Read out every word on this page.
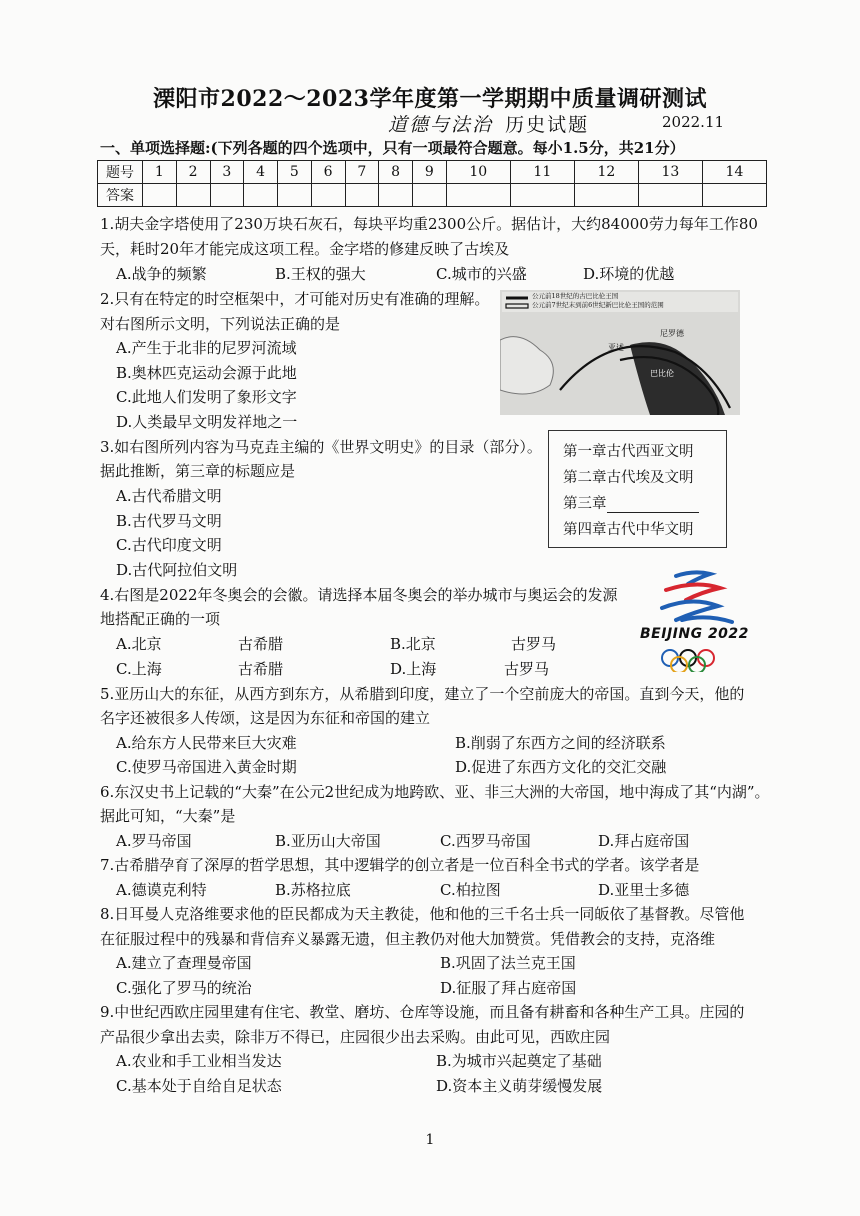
溧阳市2022～2023学年度第一学期期中质量调研测试
道德与法治 历史试题	2022.11
一、单项选择题:(下列各题的四个选项中，只有一项最符合题意。每小1.5分，共21分）
题号	1	2	3	4	5	6	7	8	9	10	11	12	13	14
答案														
1.胡夫金字塔使用了230万块石灰石，每块平均重2300公斤。据估计，大约84000劳力每年工作80
天，耗时20年才能完成这项工程。金字塔的修建反映了古埃及
A.战争的频繁	B.王权的强大	C.城市的兴盛	D.环境的优越
2.只有在特定的时空框架中，才可能对历史有准确的理解。
对右图所示文明，下列说法正确的是
A.产生于北非的尼罗河流域
B.奥林匹克运动会源于此地
C.此地人们发明了象形文字
D.人类最早文明发祥地之一
公元前18世纪的古巴比伦王国
公元前7世纪末到前6世纪新巴比伦王国的范围
尼罗德
亚述
巴比伦
3.如右图所列内容为马克垚主编的《世界文明史》的目录（部分）。
据此推断，第三章的标题应是
A.古代希腊文明
B.古代罗马文明
C.古代印度文明
D.古代阿拉伯文明
第一章古代西亚文明
第二章古代埃及文明
第三章
第四章古代中华文明
4.右图是2022年冬奥会的会徽。请选择本届冬奥会的举办城市与奥运会的发源
地搭配正确的一项
A.北京	古希腊	B.北京	古罗马
C.上海	古希腊	D.上海	古罗马
BEIJING 2022
5.亚历山大的东征，从西方到东方，从希腊到印度，建立了一个空前庞大的帝国。直到今天，他的
名字还被很多人传颂，这是因为东征和帝国的建立
A.给东方人民带来巨大灾难	B.削弱了东西方之间的经济联系
C.使罗马帝国进入黄金时期	D.促进了东西方文化的交汇交融
6.东汉史书上记载的“大秦”在公元2世纪成为地跨欧、亚、非三大洲的大帝国，地中海成了其“内湖”。
据此可知，“大秦”是
A.罗马帝国	B.亚历山大帝国	C.西罗马帝国	D.拜占庭帝国
7.古希腊孕育了深厚的哲学思想，其中逻辑学的创立者是一位百科全书式的学者。该学者是
A.德谟克利特	B.苏格拉底	C.柏拉图	D.亚里士多德
8.日耳曼人克洛维要求他的臣民都成为天主教徒，他和他的三千名士兵一同皈依了基督教。尽管他
在征服过程中的残暴和背信弃义暴露无遗，但主教仍对他大加赞赏。凭借教会的支持，克洛维
A.建立了查理曼帝国	B.巩固了法兰克王国
C.强化了罗马的统治	D.征服了拜占庭帝国
9.中世纪西欧庄园里建有住宅、教堂、磨坊、仓库等设施，而且备有耕畜和各种生产工具。庄园的
产品很少拿出去卖，除非万不得已，庄园很少出去采购。由此可见，西欧庄园
A.农业和手工业相当发达	B.为城市兴起奠定了基础
C.基本处于自给自足状态	D.资本主义萌芽缓慢发展
1
